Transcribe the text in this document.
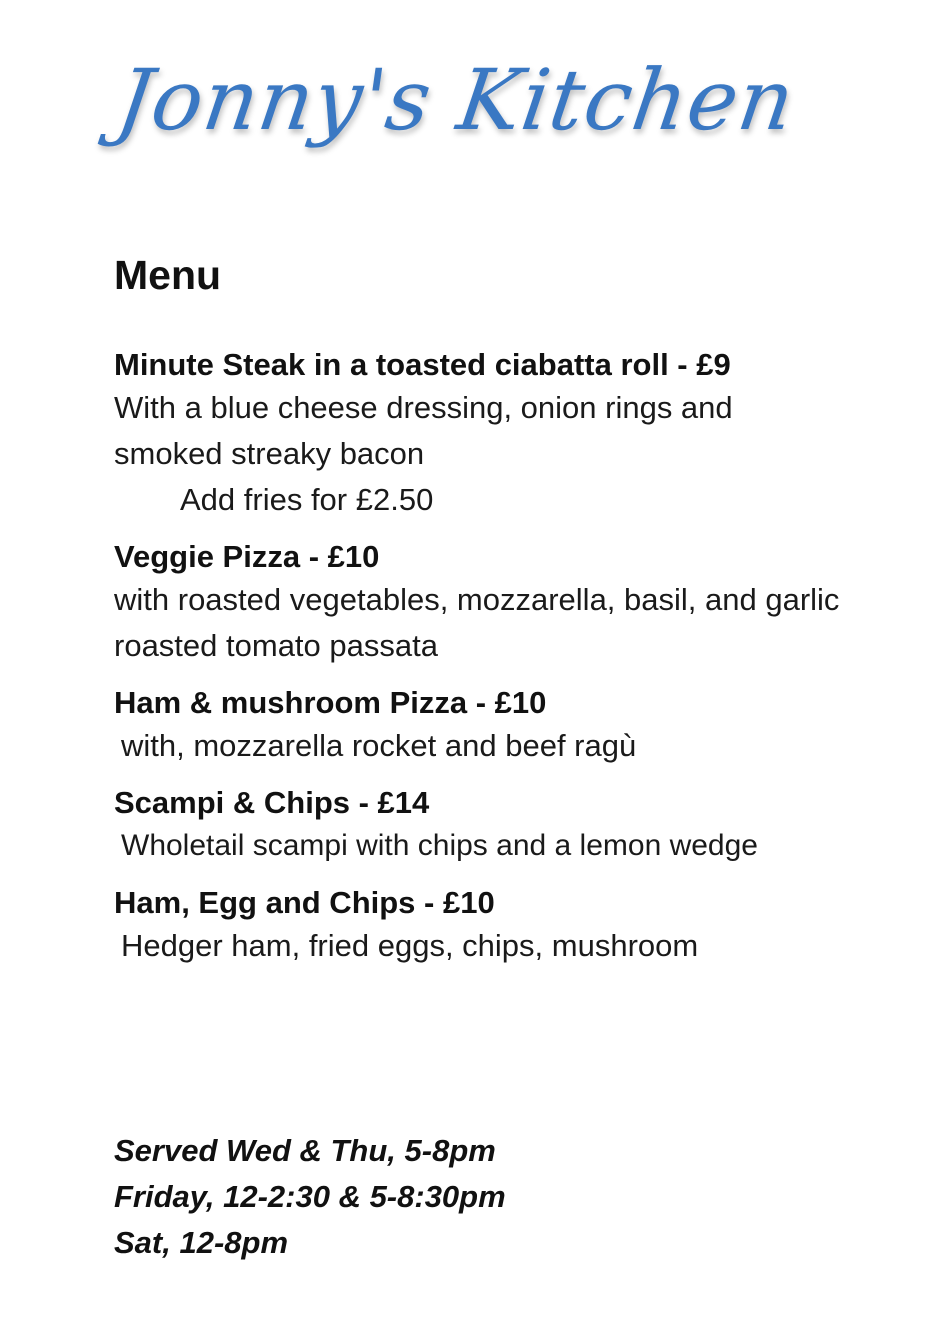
Jonny's Kitchen
Menu
Minute Steak in a toasted ciabatta roll - £9
With a blue cheese dressing, onion rings and smoked streaky bacon
Add fries for £2.50
Veggie Pizza - £10
with roasted vegetables, mozzarella, basil, and garlic roasted tomato passata
Ham & mushroom Pizza - £10
with, mozzarella rocket and beef ragù
Scampi & Chips - £14
Wholetail scampi with chips and a lemon wedge
Ham, Egg and Chips - £10
Hedger ham, fried eggs, chips, mushroom
Served Wed & Thu, 5-8pm
Friday, 12-2:30 & 5-8:30pm
Sat, 12-8pm
